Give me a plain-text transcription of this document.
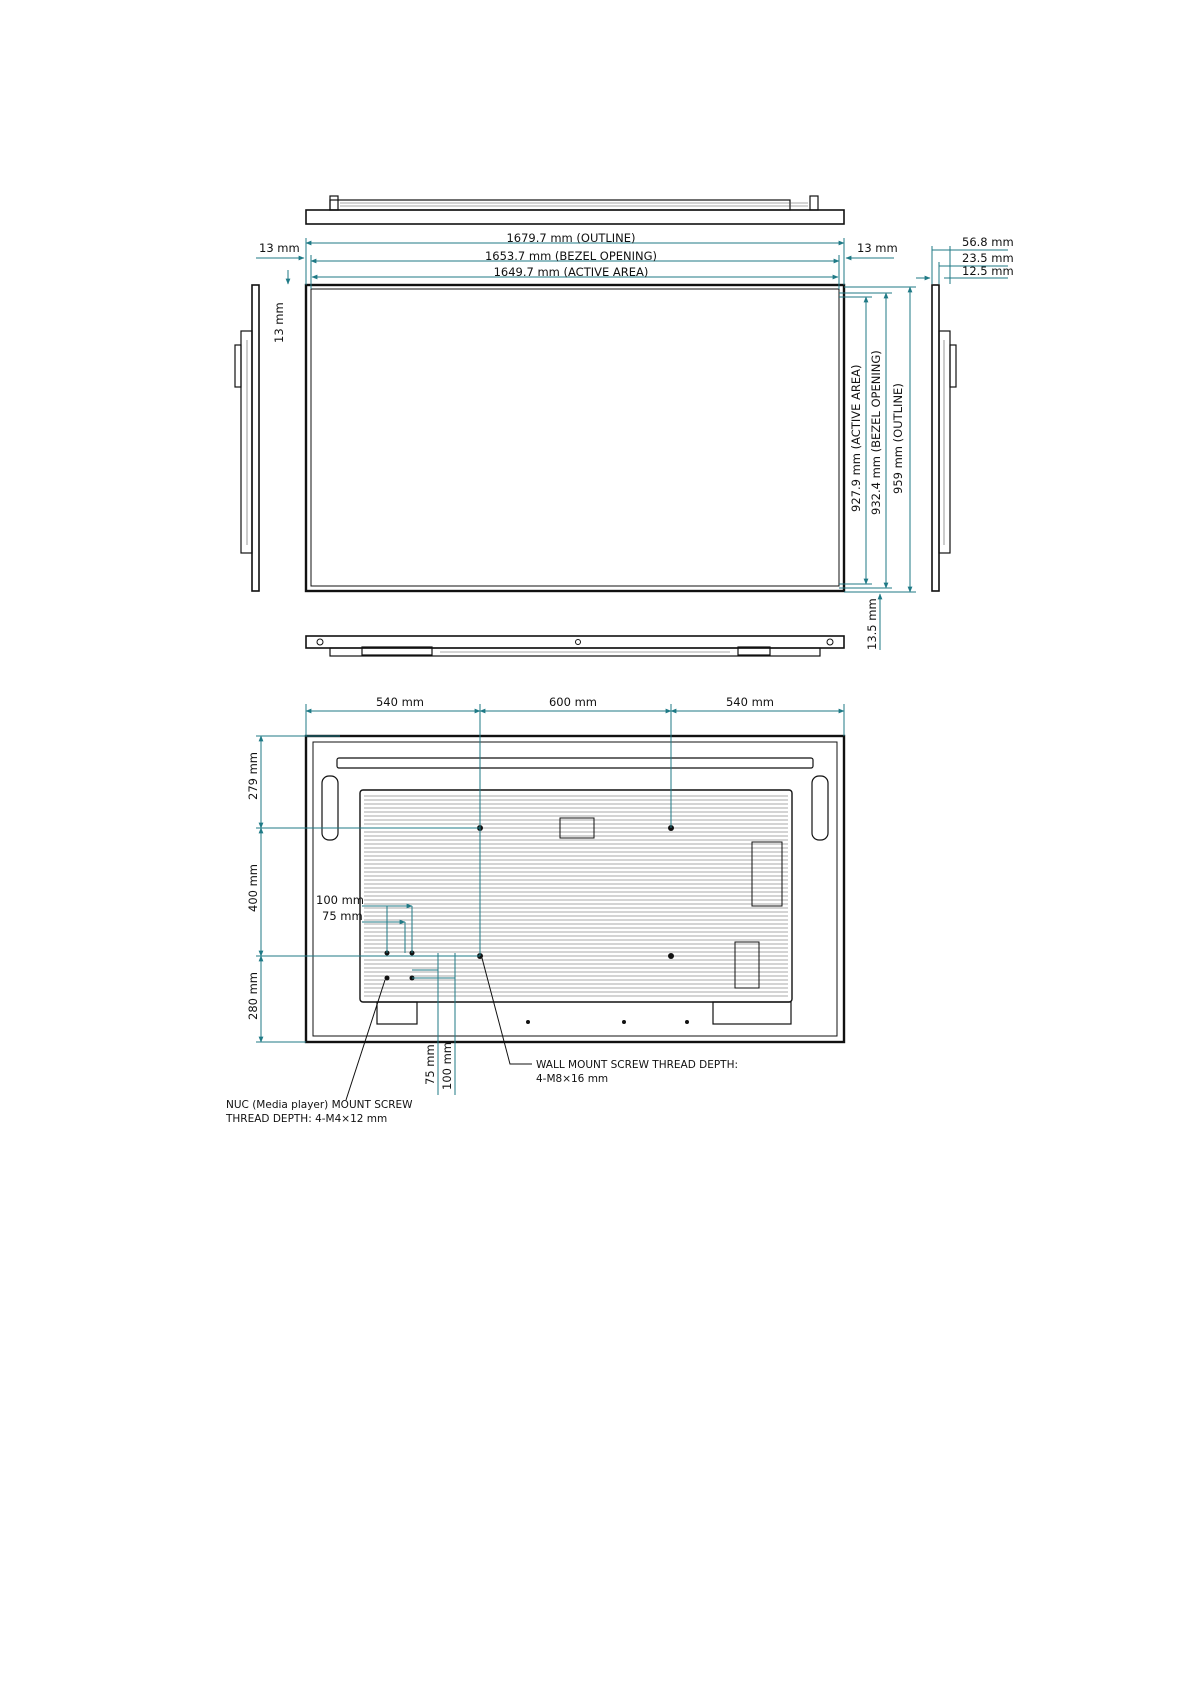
1679.7 mm (OUTLINE)
1653.7 mm (BEZEL OPENING)
1649.7 mm (ACTIVE AREA)
13 mm	13 mm
13 mm
927.9 mm (ACTIVE AREA) 932.4 mm (BEZEL OPENING) 959 mm (OUTLINE)
13.5 mm
56.8 mm
23.5 mm
12.5 mm
540 mm	600 mm	540 mm
279 mm
400 mm
280 mm
100 mm
75 mm
75 mm 100 mm	WALL MOUNT SCREW THREAD DEPTH:
4-M8×16 mm
NUC (Media player) MOUNT SCREW
THREAD DEPTH: 4-M4×12 mm
